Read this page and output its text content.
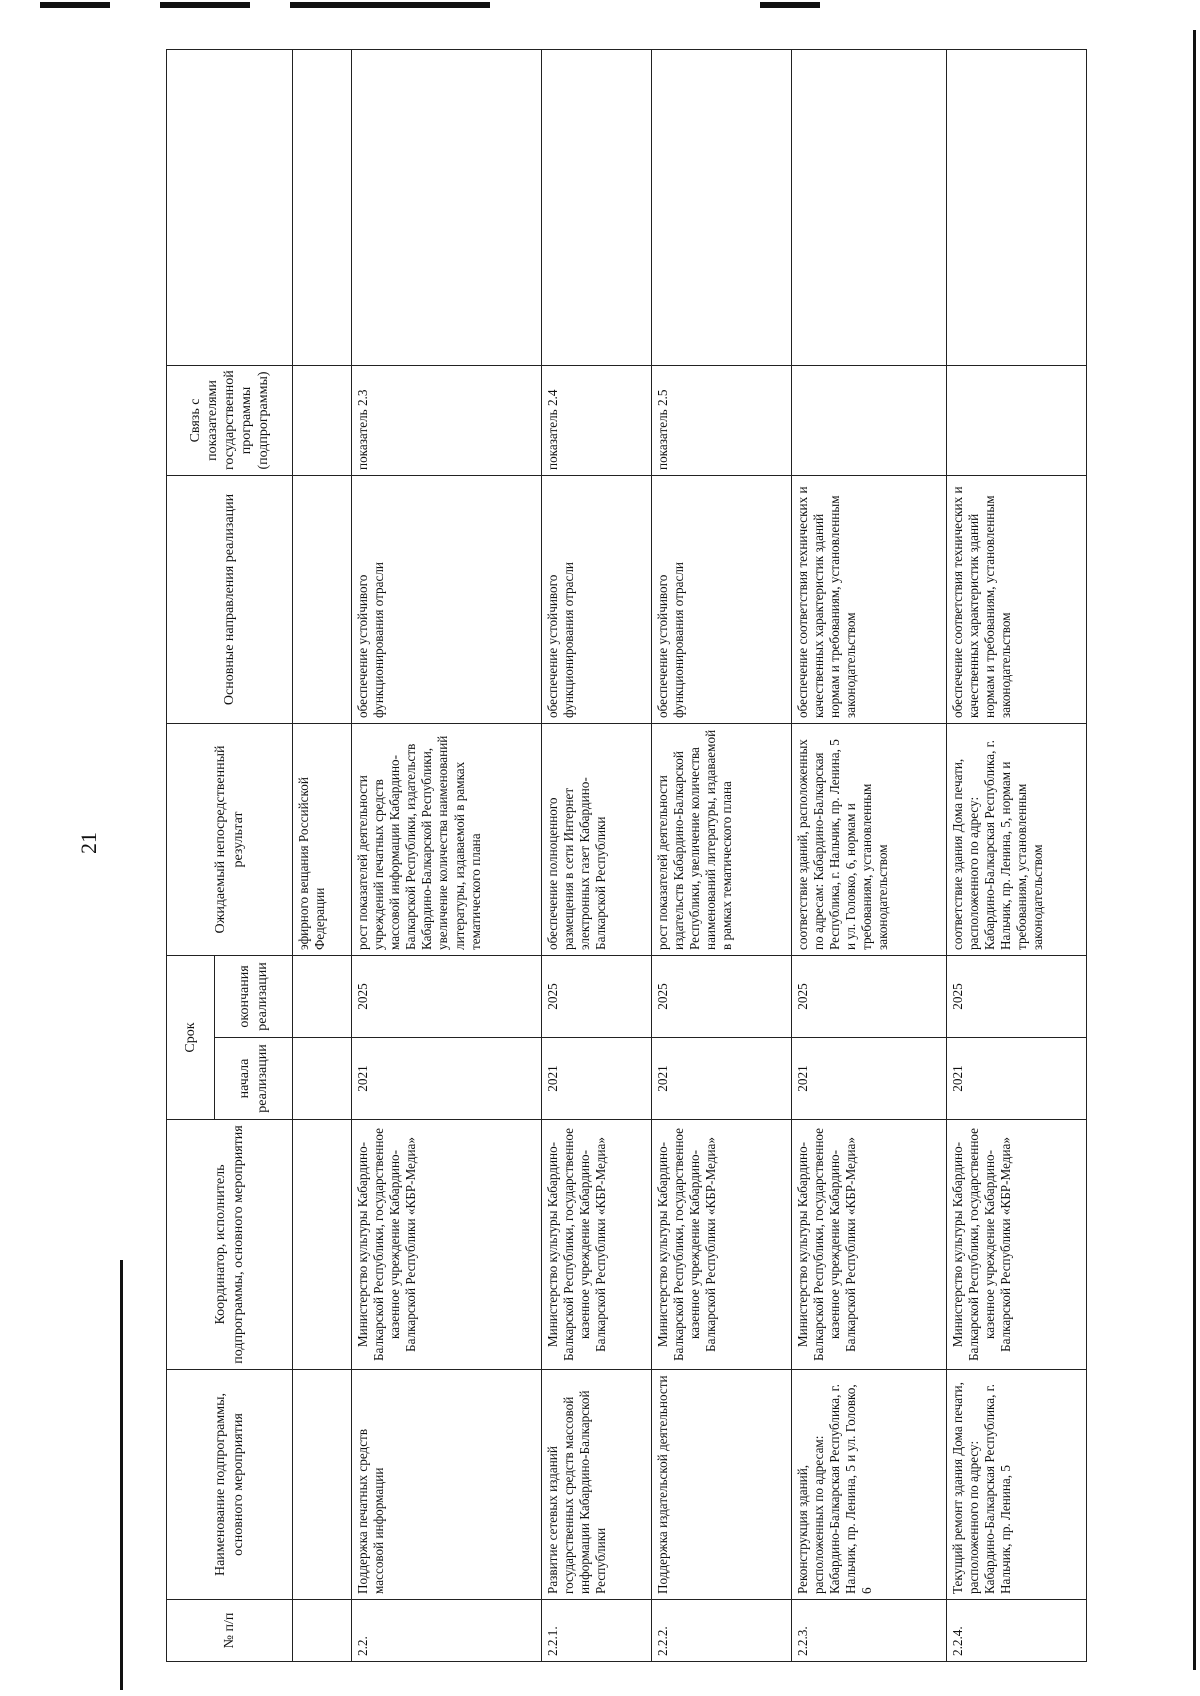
21
№ п/п	Наименование подпрограммы, основного мероприятия	Координатор, исполнитель подпрограммы, основного мероприятия	Срок		Ожидаемый непосредственный результат	Основные направления реализации	Связь с показателями государственной программы (подпрограммы)	
			начала реализации	окончания реализации				
					эфирного вещания Российской Федерации			
2.2.	Поддержка печатных средств массовой информации	Министерство культуры Кабардино-Балкарской Республики, государственное казенное учреждение Кабардино-Балкарской Республики «КБР-Медиа»	2021	2025	рост показателей деятельности учреждений печатных средств массовой информации Кабардино-Балкарской Республики, издательств Кабардино-Балкарской Республики, увеличение количества наименований литературы, издаваемой в рамках тематического плана	обеспечение устойчивого функционирования отрасли	показатель 2.3	
2.2.1.	Развитие сетевых изданий государственных средств массовой информации Кабардино-Балкарской Республики	Министерство культуры Кабардино-Балкарской Республики, государственное казенное учреждение Кабардино-Балкарской Республики «КБР-Медиа»	2021	2025	обеспечение полноценного размещения в сети Интернет электронных газет Кабардино-Балкарской Республики	обеспечение устойчивого функционирования отрасли	показатель 2.4	
2.2.2.	Поддержка издательской деятельности	Министерство культуры Кабардино-Балкарской Республики, государственное казенное учреждение Кабардино-Балкарской Республики «КБР-Медиа»	2021	2025	рост показателей деятельности издательств Кабардино-Балкарской Республики, увеличение количества наименований литературы, издаваемой в рамках тематического плана	обеспечение устойчивого функционирования отрасли	показатель 2.5	
2.2.3.	Реконструкция зданий, расположенных по адресам: Кабардино-Балкарская Республика, г. Нальчик, пр. Ленина, 5 и ул. Головко, 6	Министерство культуры Кабардино-Балкарской Республики, государственное казенное учреждение Кабардино-Балкарской Республики «КБР-Медиа»	2021	2025	соответствие зданий, расположенных по адресам: Кабардино-Балкарская Республика, г. Нальчик, пр. Ленина, 5 и ул. Головко, 6, нормам и требованиям, установленным законодательством	обеспечение соответствия технических и качественных характеристик зданий нормам и требованиям, установленным законодательством		
2.2.4.	Текущий ремонт здания Дома печати, расположенного по адресу: Кабардино-Балкарская Республика, г. Нальчик, пр. Ленина, 5	Министерство культуры Кабардино-Балкарской Республики, государственное казенное учреждение Кабардино-Балкарской Республики «КБР-Медиа»	2021	2025	соответствие здания Дома печати, расположенного по адресу: Кабардино-Балкарская Республика, г. Нальчик, пр. Ленина, 5, нормам и требованиям, установленным законодательством	обеспечение соответствия технических и качественных характеристик зданий нормам и требованиям, установленным законодательством		
